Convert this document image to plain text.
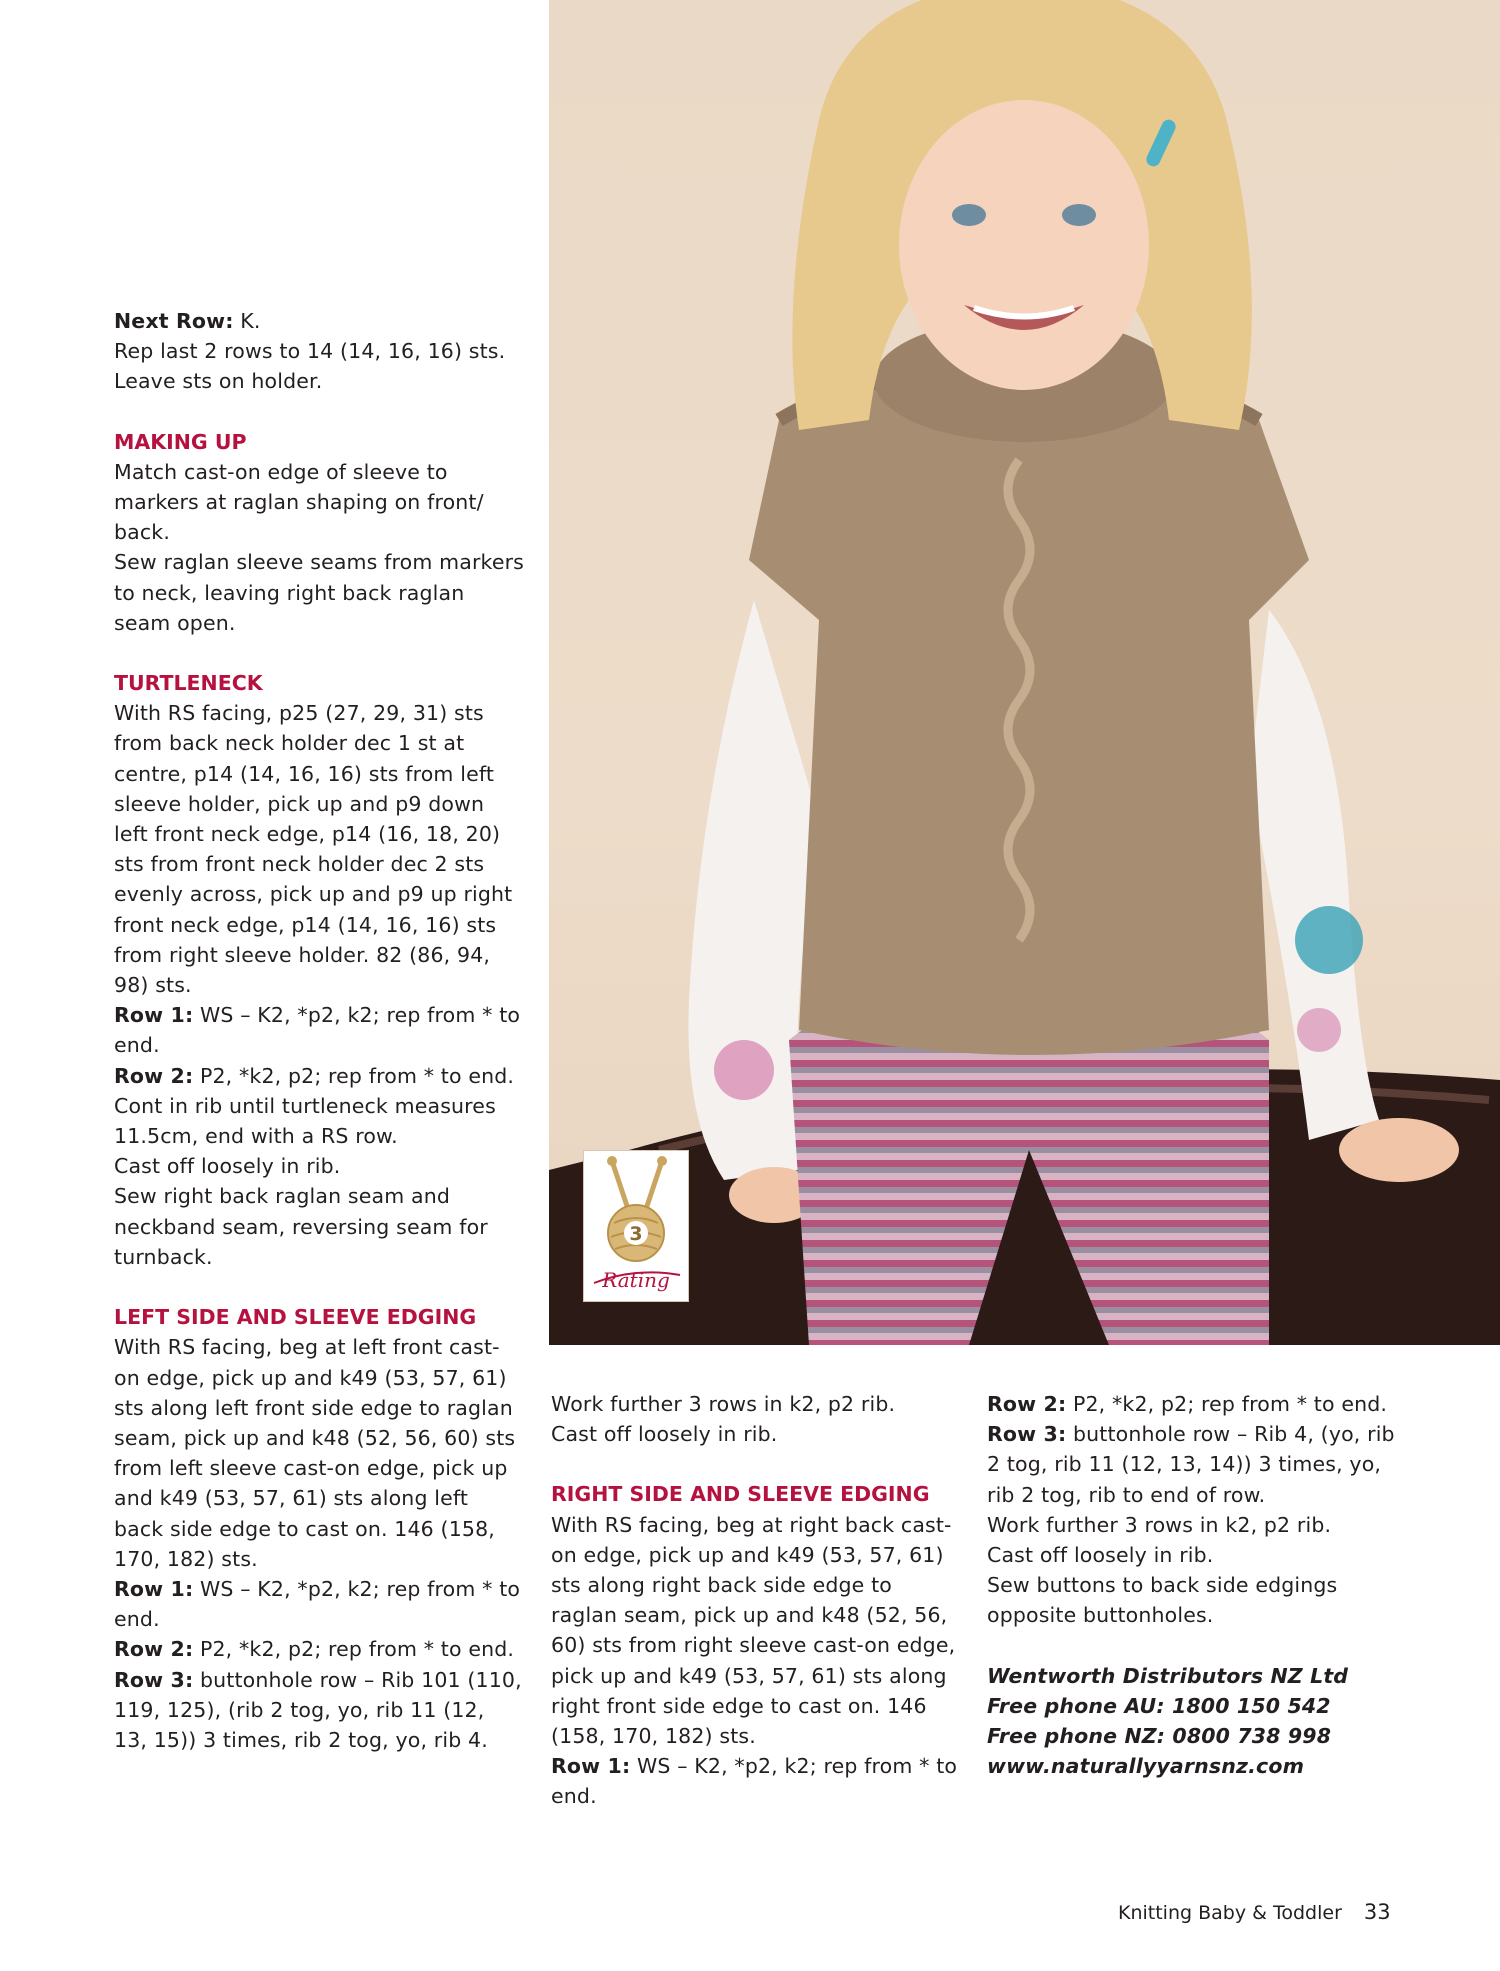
3
Rating

Next Row: K.

Rep last 2 rows to 14 (14, 16, 16) sts. Leave sts on holder.

MAKING UP

Match cast-on edge of sleeve to markers at raglan shaping on front/ back.

Sew raglan sleeve seams from markers to neck, leaving right back raglan seam open.

TURTLENECK

With RS facing, p25 (27, 29, 31) sts from back neck holder dec 1 st at centre, p14 (14, 16, 16) sts from left sleeve holder, pick up and p9 down left front neck edge, p14 (16, 18, 20) sts from front neck holder dec 2 sts evenly across, pick up and p9 up right front neck edge, p14 (14, 16, 16) sts from right sleeve holder. 82 (86, 94, 98) sts.

Row 1: WS – K2, *p2, k2; rep from * to end.

Row 2: P2, *k2, p2; rep from * to end.

Cont in rib until turtleneck measures 11.5cm, end with a RS row.

Cast off loosely in rib.

Sew right back raglan seam and neckband seam, reversing seam for turnback.

LEFT SIDE AND SLEEVE EDGING

With RS facing, beg at left front cast-on edge, pick up and k49 (53, 57, 61) sts along left front side edge to raglan seam, pick up and k48 (52, 56, 60) sts from left sleeve cast-on edge, pick up and k49 (53, 57, 61) sts along left back side edge to cast on. 146 (158, 170, 182) sts.

Row 1: WS – K2, *p2, k2; rep from * to end.

Row 2: P2, *k2, p2; rep from * to end.

Row 3: buttonhole row – Rib 101 (110, 119, 125), (rib 2 tog, yo, rib 11 (12, 13, 15)) 3 times, rib 2 tog, yo, rib 4.

Work further 3 rows in k2, p2 rib.

Cast off loosely in rib.

RIGHT SIDE AND SLEEVE EDGING

With RS facing, beg at right back cast-on edge, pick up and k49 (53, 57, 61) sts along right back side edge to raglan seam, pick up and k48 (52, 56, 60) sts from right sleeve cast-on edge, pick up and k49 (53, 57, 61) sts along right front side edge to cast on. 146 (158, 170, 182) sts.

Row 1: WS – K2, *p2, k2; rep from * to end.

Row 2: P2, *k2, p2; rep from * to end.

Row 3: buttonhole row – Rib 4, (yo, rib 2 tog, rib 11 (12, 13, 14)) 3 times, yo, rib 2 tog, rib to end of row.

Work further 3 rows in k2, p2 rib.

Cast off loosely in rib.

Sew buttons to back side edgings opposite buttonholes.

Wentworth Distributors NZ Ltd

Free phone AU: 1800 150 542

Free phone NZ: 0800 738 998

www.naturallyyarnsnz.com

Knitting Baby & Toddler 33
